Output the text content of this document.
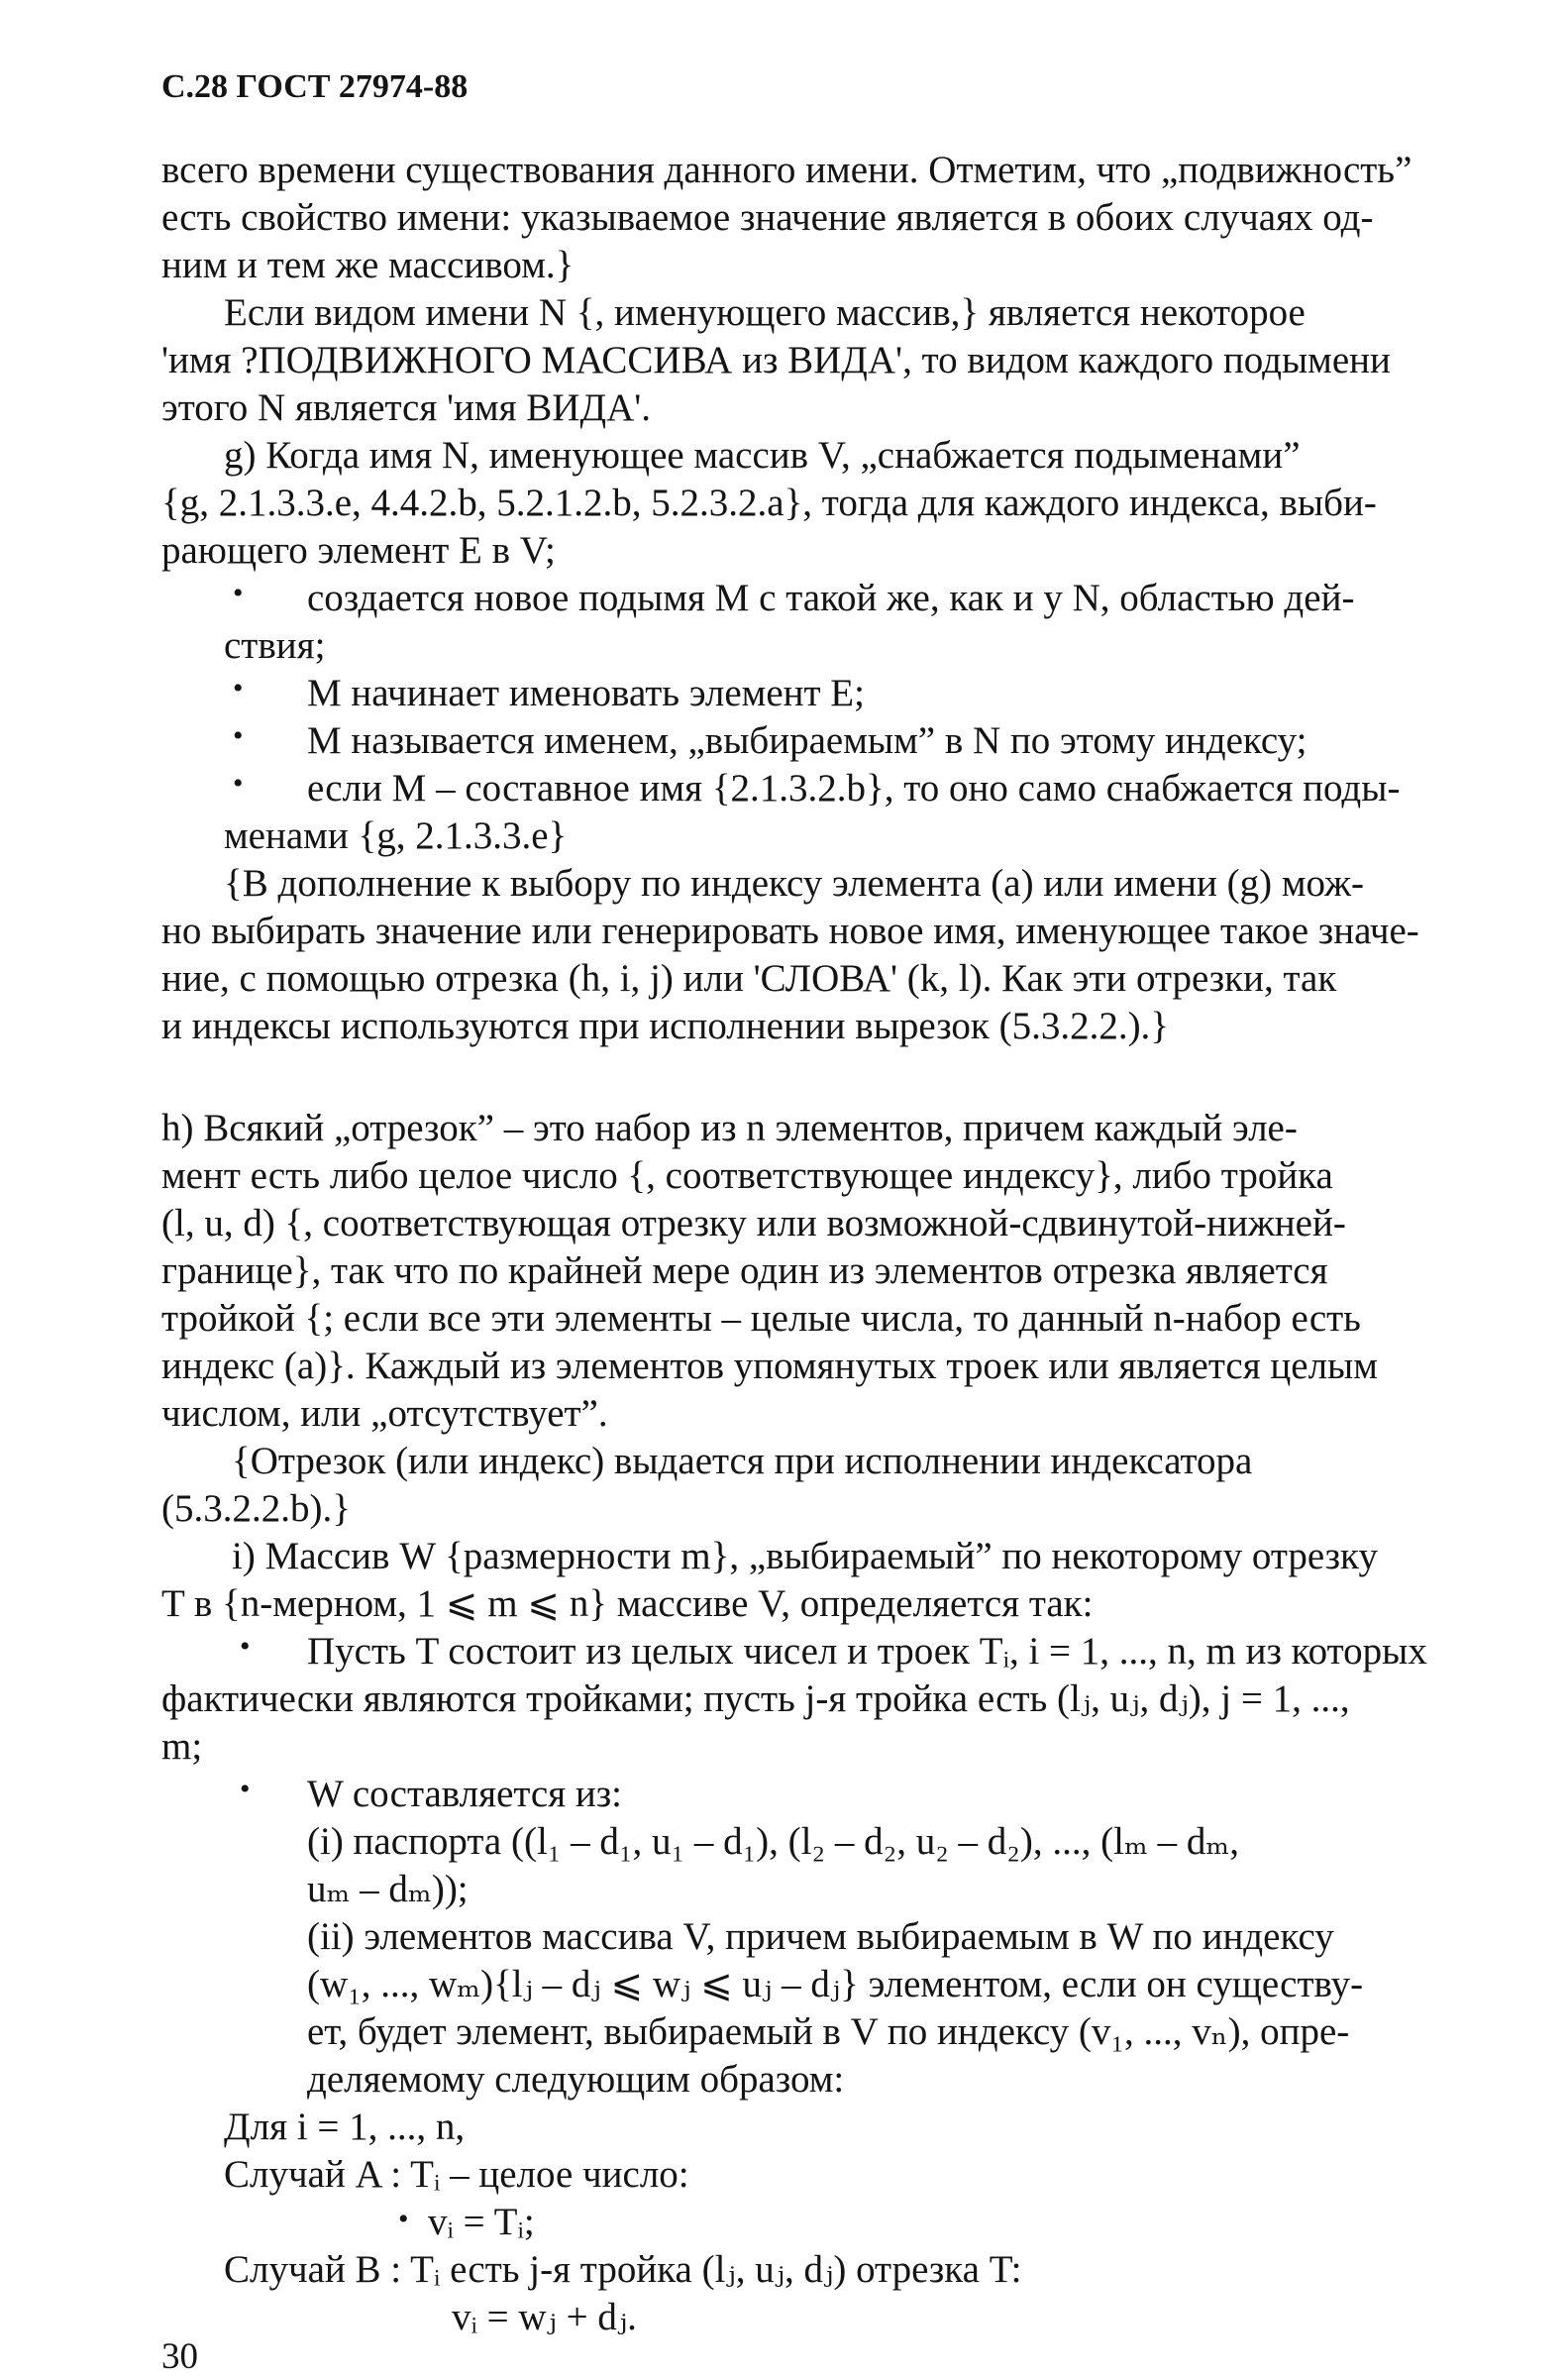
С.28 ГОСТ 27974-88
всего времени существования данного имени. Отметим, что „подвижность”
есть свойство имени: указываемое значение является в обоих случаях од-
ним и тем же массивом.}
Если видом имени N {, именующего массив,} является некоторое
'имя ?ПОДВИЖНОГО МАССИВА из ВИДА', то видом каждого подымени
этого N является 'имя ВИДА'.
g) Когда имя N, именующее массив V, „снабжается подыменами”
{g, 2.1.3.3.e, 4.4.2.b, 5.2.1.2.b, 5.2.3.2.a}, тогда для каждого индекса, выби-
рающего элемент E в V;
• создается новое подымя M с такой же, как и у N, областью дей-
ствия;
• M начинает именовать элемент E;
• M называется именем, „выбираемым” в N по этому индексу;
• если M – составное имя {2.1.3.2.b}, то оно само снабжается поды-
менами {g, 2.1.3.3.e}
{В дополнение к выбору по индексу элемента (a) или имени (g) мож-
но выбирать значение или генерировать новое имя, именующее такое значе-
ние, с помощью отрезка (h, i, j) или 'СЛОВА' (k, l). Как эти отрезки, так
и индексы используются при исполнении вырезок (5.3.2.2.).}
h) Всякий „отрезок” – это набор из n элементов, причем каждый эле-
мент есть либо целое число {, соответствующее индексу}, либо тройка
(l, u, d) {, соответствующая отрезку или возможной-сдвинутой-нижней-
границе}, так что по крайней мере один из элементов отрезка является
тройкой {; если все эти элементы – целые числа, то данный n-набор есть
индекс (a)}. Каждый из элементов упомянутых троек или является целым
числом, или „отсутствует”.
{Отрезок (или индекс) выдается при исполнении индексатора
(5.3.2.2.b).}
i) Массив W {размерности m}, „выбираемый” по некоторому отрезку
T в {n-мерном, 1 ⩽ m ⩽ n} массиве V, определяется так:
• Пусть T состоит из целых чисел и троек Tᵢ, i = 1, ..., n, m из которых
фактически являются тройками; пусть j-я тройка есть (lⱼ, uⱼ, dⱼ), j = 1, ...,
m;
• W составляется из:
(i) паспорта ((l₁ – d₁, u₁ – d₁), (l₂ – d₂, u₂ – d₂), ..., (lₘ – dₘ,
uₘ – dₘ));
(ii) элементов массива V, причем выбираемым в W по индексу
(w₁, ..., wₘ){lⱼ – dⱼ ⩽ wⱼ ⩽ uⱼ – dⱼ} элементом, если он существу-
ет, будет элемент, выбираемый в V по индексу (v₁, ..., vₙ), опре-
деляемому следующим образом:
Для i = 1, ..., n,
Случай A : Tᵢ – целое число:
• vᵢ = Tᵢ;
Случай B : Tᵢ есть j-я тройка (lⱼ, uⱼ, dⱼ) отрезка T:
vᵢ = wⱼ + dⱼ.
30
